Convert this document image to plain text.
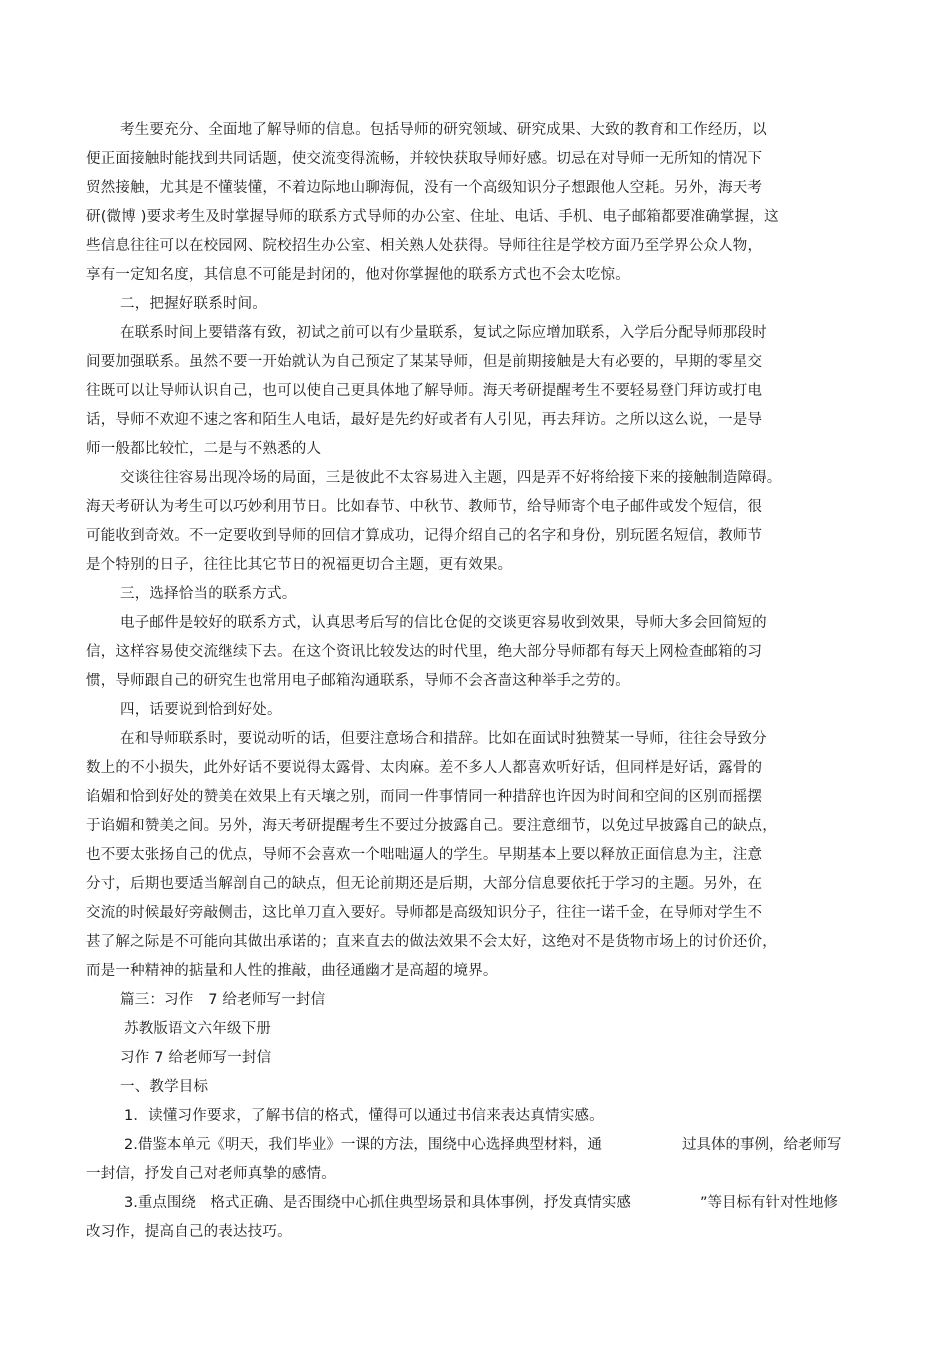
考生要充分、全面地了解导师的信息。包括导师的研究领域、研究成果、大致的教育和工作经历，以
便正面接触时能找到共同话题，使交流变得流畅，并较快获取导师好感。切忌在对导师一无所知的情况下
贸然接触，尤其是不懂装懂，不着边际地山聊海侃，没有一个高级知识分子想跟他人空耗。另外，海天考
研(微博 )要求考生及时掌握导师的联系方式导师的办公室、住址、电话、手机、电子邮箱都要准确掌握，这
些信息往往可以在校园网、院校招生办公室、相关熟人处获得。导师往往是学校方面乃至学界公众人物，
享有一定知名度，其信息不可能是封闭的，他对你掌握他的联系方式也不会太吃惊。
二，把握好联系时间。
在联系时间上要错落有致，初试之前可以有少量联系，复试之际应增加联系，入学后分配导师那段时
间要加强联系。虽然不要一开始就认为自己预定了某某导师，但是前期接触是大有必要的，早期的零星交
往既可以让导师认识自己，也可以使自己更具体地了解导师。海天考研提醒考生不要轻易登门拜访或打电
话，导师不欢迎不速之客和陌生人电话，最好是先约好或者有人引见，再去拜访。之所以这么说，一是导
师一般都比较忙，二是与不熟悉的人
交谈往往容易出现冷场的局面，三是彼此不太容易进入主题，四是弄不好将给接下来的接触制造障碍。
海天考研认为考生可以巧妙利用节日。比如春节、中秋节、教师节，给导师寄个电子邮件或发个短信，很
可能收到奇效。不一定要收到导师的回信才算成功，记得介绍自己的名字和身份，别玩匿名短信，教师节
是个特别的日子，往往比其它节日的祝福更切合主题，更有效果。
三，选择恰当的联系方式。
电子邮件是较好的联系方式，认真思考后写的信比仓促的交谈更容易收到效果，导师大多会回简短的
信，这样容易使交流继续下去。在这个资讯比较发达的时代里，绝大部分导师都有每天上网检查邮箱的习
惯，导师跟自己的研究生也常用电子邮箱沟通联系，导师不会吝啬这种举手之劳的。
四，话要说到恰到好处。
在和导师联系时，要说动听的话，但要注意场合和措辞。比如在面试时独赞某一导师，往往会导致分
数上的不小损失，此外好话不要说得太露骨、太肉麻。差不多人人都喜欢听好话，但同样是好话，露骨的
谄媚和恰到好处的赞美在效果上有天壤之别，而同一件事情同一种措辞也许因为时间和空间的区别而摇摆
于谄媚和赞美之间。另外，海天考研提醒考生不要过分披露自己。要注意细节，以免过早披露自己的缺点，
也不要太张扬自己的优点，导师不会喜欢一个咄咄逼人的学生。早期基本上要以释放正面信息为主，注意
分寸，后期也要适当解剖自己的缺点，但无论前期还是后期，大部分信息要依托于学习的主题。另外，在
交流的时候最好旁敲侧击，这比单刀直入要好。导师都是高级知识分子，往往一诺千金，在导师对学生不
甚了解之际是不可能向其做出承诺的；直来直去的做法效果不会太好，这绝对不是货物市场上的讨价还价，
而是一种精神的掂量和人性的推敲，曲径通幽才是高超的境界。
篇三：习作　7 给老师写一封信
苏教版语文六年级下册
习作 7 给老师写一封信
一、教学目标
1．读懂习作要求，了解书信的格式，懂得可以通过书信来表达真情实感。
2.借鉴本单元《明天，我们毕业》一课的方法，围绕中心选择典型材料，通	过具体的事例，给老师写
一封信，抒发自己对老师真挚的感情。
3.重点围绕　格式正确、是否围绕中心抓住典型场景和具体事例，抒发真情实感	”等目标有针对性地修
改习作，提高自己的表达技巧。
